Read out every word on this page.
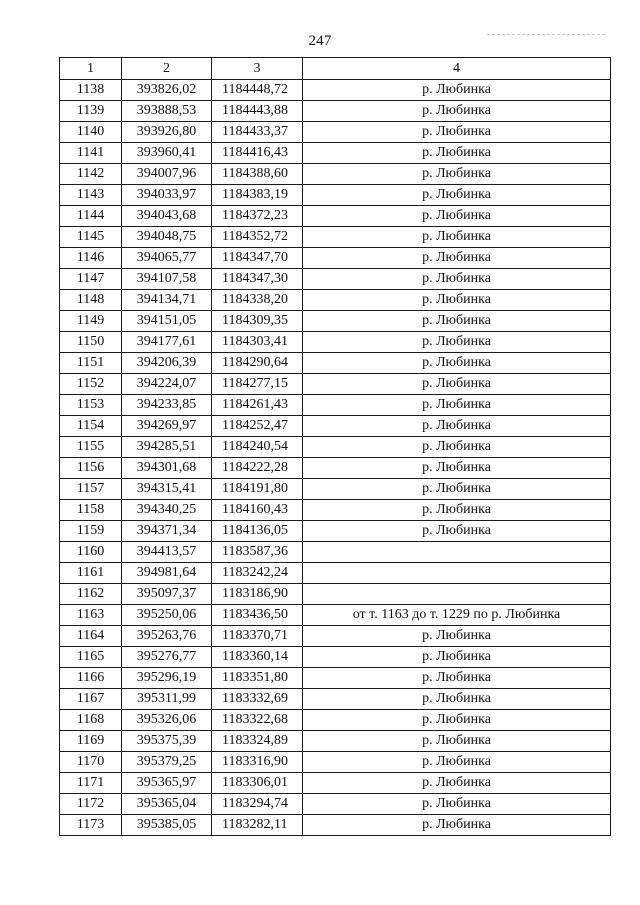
247
1	2	3	4
1138	393826,02	1184448,72	р. Любинка
1139	393888,53	1184443,88	р. Любинка
1140	393926,80	1184433,37	р. Любинка
1141	393960,41	1184416,43	р. Любинка
1142	394007,96	1184388,60	р. Любинка
1143	394033,97	1184383,19	р. Любинка
1144	394043,68	1184372,23	р. Любинка
1145	394048,75	1184352,72	р. Любинка
1146	394065,77	1184347,70	р. Любинка
1147	394107,58	1184347,30	р. Любинка
1148	394134,71	1184338,20	р. Любинка
1149	394151,05	1184309,35	р. Любинка
1150	394177,61	1184303,41	р. Любинка
1151	394206,39	1184290,64	р. Любинка
1152	394224,07	1184277,15	р. Любинка
1153	394233,85	1184261,43	р. Любинка
1154	394269,97	1184252,47	р. Любинка
1155	394285,51	1184240,54	р. Любинка
1156	394301,68	1184222,28	р. Любинка
1157	394315,41	1184191,80	р. Любинка
1158	394340,25	1184160,43	р. Любинка
1159	394371,34	1184136,05	р. Любинка
1160	394413,57	1183587,36	
1161	394981,64	1183242,24	
1162	395097,37	1183186,90	
1163	395250,06	1183436,50	от т. 1163 до т. 1229 по р. Любинка
1164	395263,76	1183370,71	р. Любинка
1165	395276,77	1183360,14	р. Любинка
1166	395296,19	1183351,80	р. Любинка
1167	395311,99	1183332,69	р. Любинка
1168	395326,06	1183322,68	р. Любинка
1169	395375,39	1183324,89	р. Любинка
1170	395379,25	1183316,90	р. Любинка
1171	395365,97	1183306,01	р. Любинка
1172	395365,04	1183294,74	р. Любинка
1173	395385,05	1183282,11	р. Любинка
